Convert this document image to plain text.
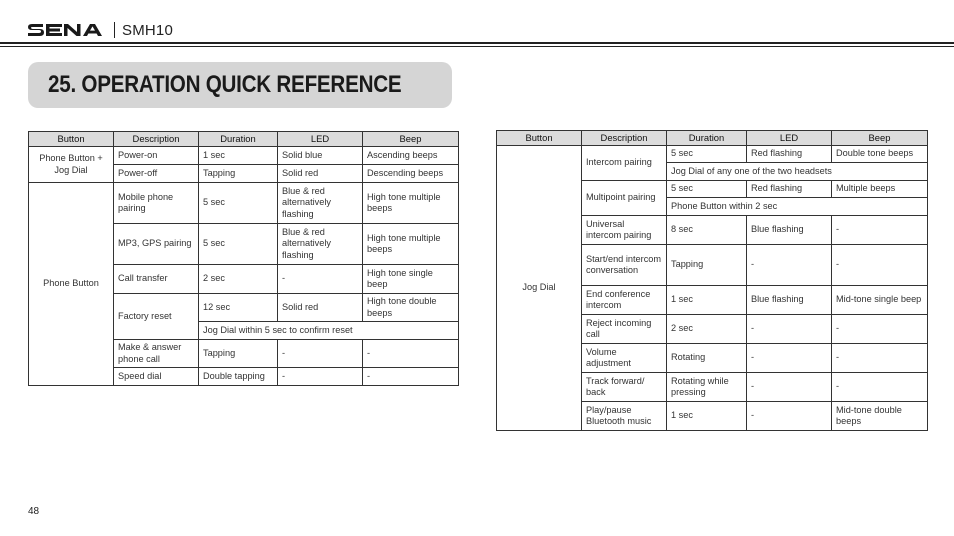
SMH10
25. OPERATION QUICK REFERENCE
Button	Description	Duration	LED	Beep
Phone Button + Jog Dial	Power-on	1 sec	Solid blue	Ascending beeps
	Power-off	Tapping	Solid red	Descending beeps
Phone Button	Mobile phone pairing	5 sec	Blue & red alternatively flashing	High tone multiple beeps
	MP3, GPS pairing	5 sec	Blue & red alternatively flashing	High tone multiple beeps
	Call transfer	2 sec	-	High tone single beep
	Factory reset	12 sec	Solid red	High tone double beeps
		Jog Dial within 5 sec to confirm reset		
	Make & answer phone call	Tapping	-	-
	Speed dial	Double tapping	-	-
Button	Description	Duration	LED	Beep
Jog Dial	Intercom pairing	5 sec	Red flashing	Double tone beeps
		Jog Dial of any one of the two headsets		
	Multipoint pairing	5 sec	Red flashing	Multiple beeps
		Phone Button within 2 sec		
	Universal intercom pairing	8 sec	Blue flashing	-
	Start/end intercom conversation	Tapping	-	-
	End conference intercom	1 sec	Blue flashing	Mid-tone single beep
	Reject incoming call	2 sec	-	-
	Volume adjustment	Rotating	-	-
	Track forward/ back	Rotating while pressing	-	-
	Play/pause Bluetooth music	1 sec	-	Mid-tone double beeps
48
